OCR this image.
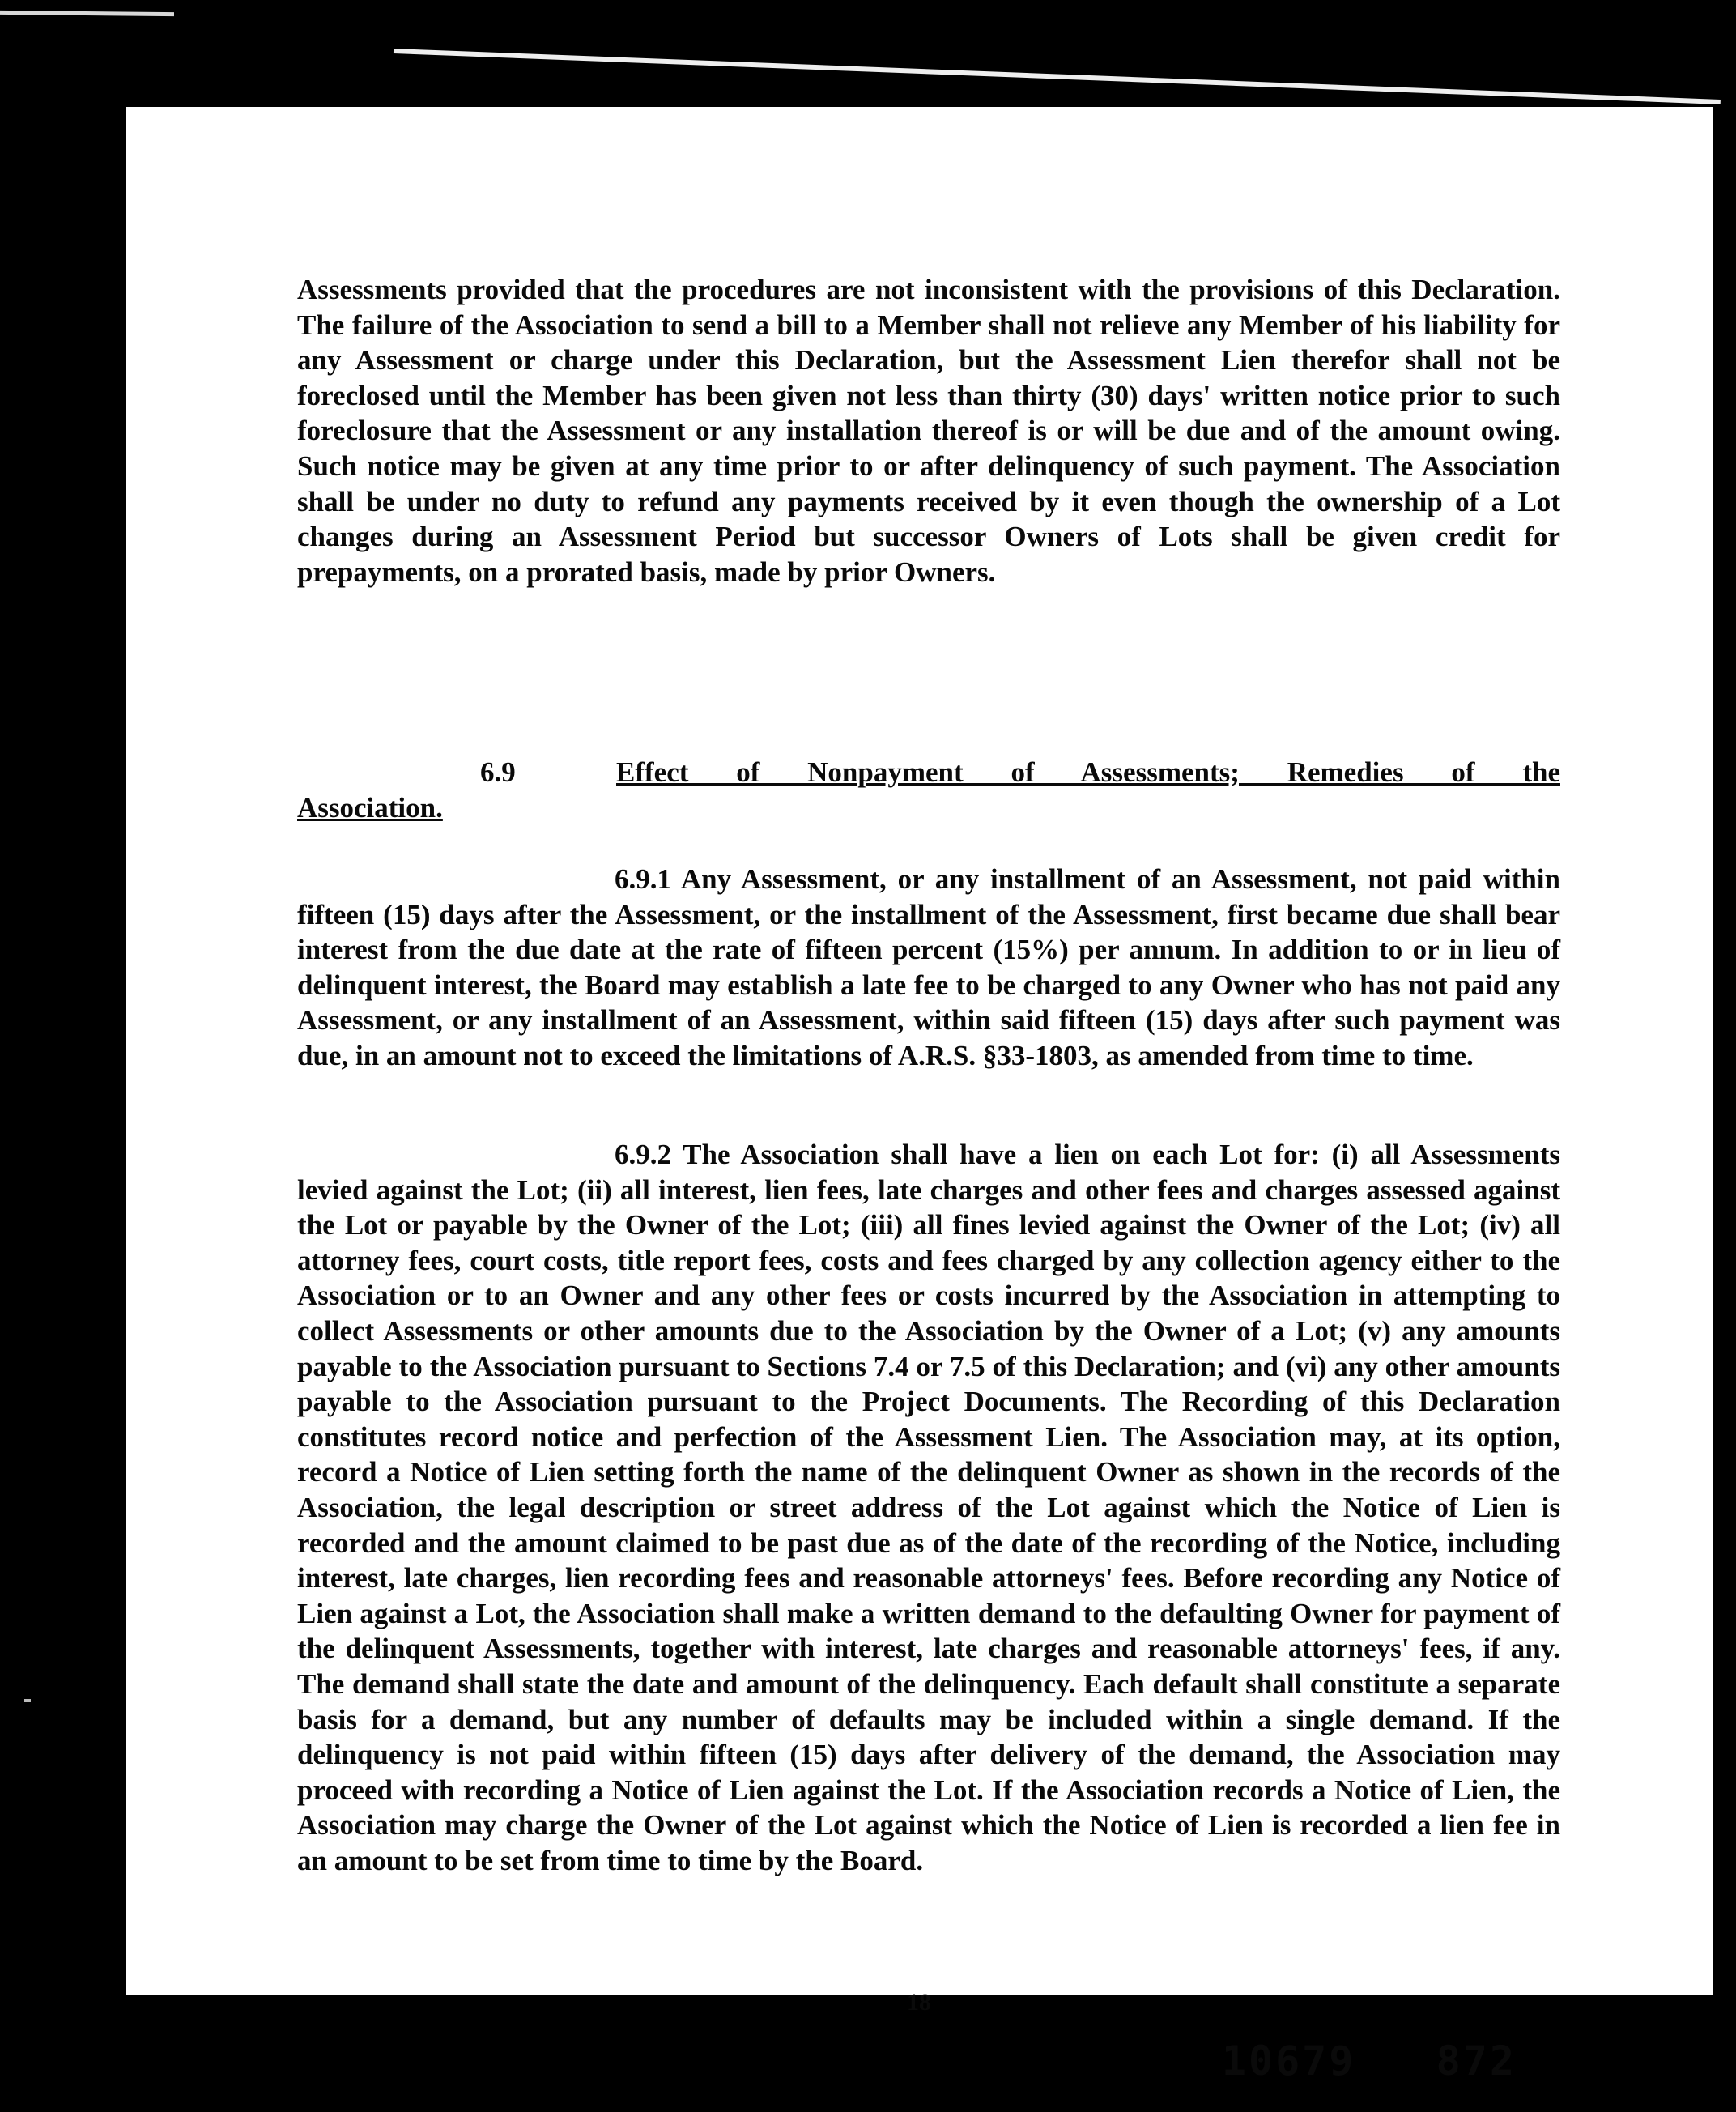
Assessments provided that the procedures are not inconsistent with the provisions of this Declaration. The failure of the Association to send a bill to a Member shall not relieve any Member of his liability for any Assessment or charge under this Declaration, but the Assessment Lien therefor shall not be foreclosed until the Member has been given not less than thirty (30) days' written notice prior to such foreclosure that the Assessment or any installation thereof is or will be due and of the amount owing. Such notice may be given at any time prior to or after delinquency of such payment. The Association shall be under no duty to refund any payments received by it even though the ownership of a Lot changes during an Assessment Period but successor Owners of Lots shall be given credit for prepayments, on a prorated basis, made by prior Owners.
6.9	Effect of Nonpayment of Assessments; Remedies of the
Association.
6.9.1 Any Assessment, or any installment of an Assessment, not paid within fifteen (15) days after the Assessment, or the installment of the Assessment, first became due shall bear interest from the due date at the rate of fifteen percent (15%) per annum. In addition to or in lieu of delinquent interest, the Board may establish a late fee to be charged to any Owner who has not paid any Assessment, or any installment of an Assessment, within said fifteen (15) days after such payment was due, in an amount not to exceed the limitations of A.R.S. §33-1803, as amended from time to time.
6.9.2 The Association shall have a lien on each Lot for: (i) all Assessments levied against the Lot; (ii) all interest, lien fees, late charges and other fees and charges assessed against the Lot or payable by the Owner of the Lot; (iii) all fines levied against the Owner of the Lot; (iv) all attorney fees, court costs, title report fees, costs and fees charged by any collection agency either to the Association or to an Owner and any other fees or costs incurred by the Association in attempting to collect Assessments or other amounts due to the Association by the Owner of a Lot; (v) any amounts payable to the Association pursuant to Sections 7.4 or 7.5 of this Declaration; and (vi) any other amounts payable to the Association pursuant to the Project Documents. The Recording of this Declaration constitutes record notice and perfection of the Assessment Lien. The Association may, at its option, record a Notice of Lien setting forth the name of the delinquent Owner as shown in the records of the Association, the legal description or street address of the Lot against which the Notice of Lien is recorded and the amount claimed to be past due as of the date of the recording of the Notice, including interest, late charges, lien recording fees and reasonable attorneys' fees. Before recording any Notice of Lien against a Lot, the Association shall make a written demand to the defaulting Owner for payment of the delinquent Assessments, together with interest, late charges and reasonable attorneys' fees, if any. The demand shall state the date and amount of the delinquency. Each default shall constitute a separate basis for a demand, but any number of defaults may be included within a single demand. If the delinquency is not paid within fifteen (15) days after delivery of the demand, the Association may proceed with recording a Notice of Lien against the Lot. If the Association records a Notice of Lien, the Association may charge the Owner of the Lot against which the Notice of Lien is recorded a lien fee in an amount to be set from time to time by the Board.
18
10679   872
